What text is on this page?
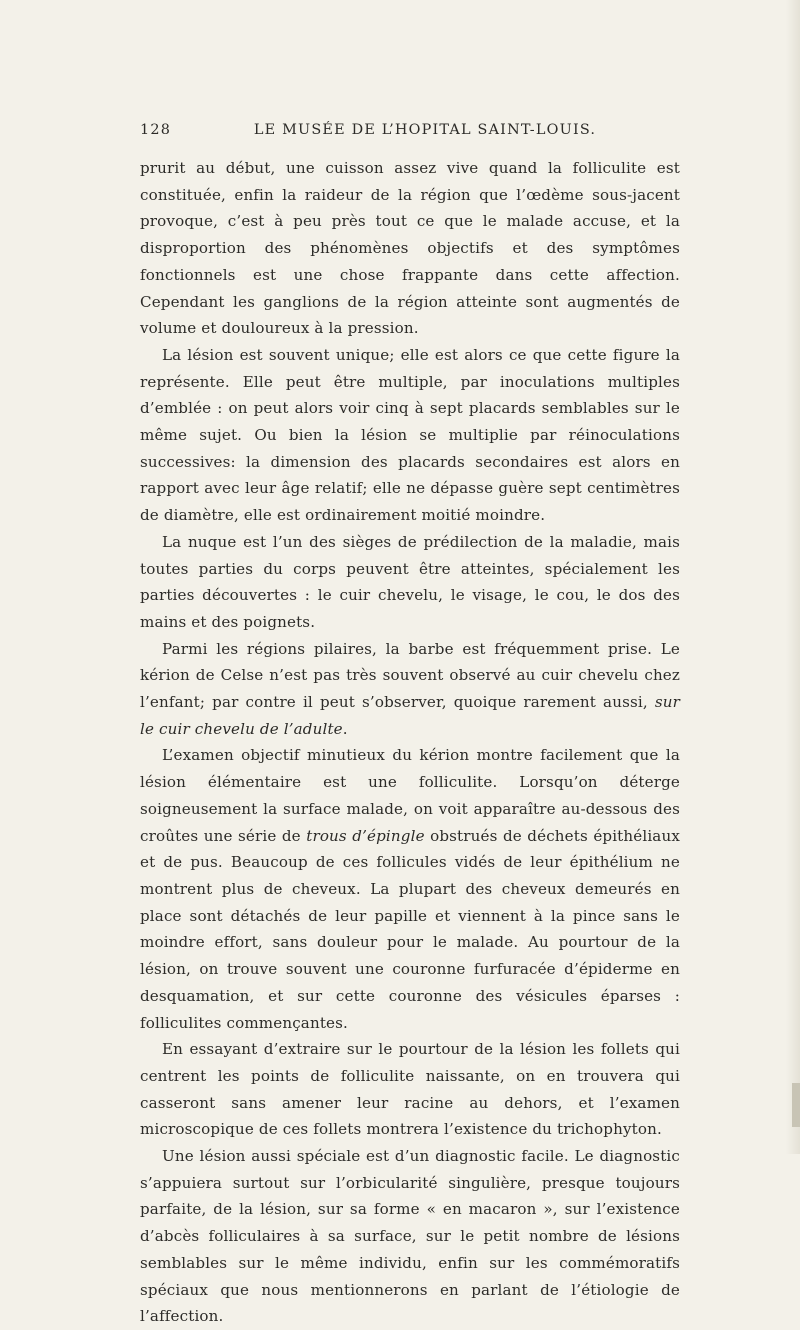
128	LE MUSÉE DE L’HOPITAL SAINT-LOUIS.

prurit au début, une cuisson assez vive quand la folliculite est constituée, enfin la raideur de la région que l’œdème sous-jacent provoque, c’est à peu près tout ce que le malade accuse, et la disproportion des phénomènes objectifs et des symptômes fonctionnels est une chose frappante dans cette affection. Cependant les ganglions de la région atteinte sont augmentés de volume et douloureux à la pression.

La lésion est souvent unique; elle est alors ce que cette figure la représente. Elle peut être multiple, par inoculations multiples d’emblée : on peut alors voir cinq à sept placards semblables sur le même sujet. Ou bien la lésion se multiplie par réinoculations successives: la dimension des placards secondaires est alors en rapport avec leur âge relatif; elle ne dépasse guère sept centimètres de diamètre, elle est ordinairement moitié moindre.

La nuque est l’un des sièges de prédilection de la maladie, mais toutes parties du corps peuvent être atteintes, spécialement les parties découvertes : le cuir chevelu, le visage, le cou, le dos des mains et des poignets.

Parmi les régions pilaires, la barbe est fréquemment prise. Le kérion de Celse n’est pas très souvent observé au cuir chevelu chez l’enfant; par contre il peut s’observer, quoique rarement aussi, sur le cuir chevelu de l’adulte.

L’examen objectif minutieux du kérion montre facilement que la lésion élémentaire est une folliculite. Lorsqu’on déterge soigneusement la surface malade, on voit apparaître au-dessous des croûtes une série de trous d’épingle obstrués de déchets épithéliaux et de pus. Beaucoup de ces follicules vidés de leur épithélium ne montrent plus de cheveux. La plupart des cheveux demeurés en place sont détachés de leur papille et viennent à la pince sans le moindre effort, sans douleur pour le malade. Au pourtour de la lésion, on trouve souvent une couronne furfuracée d’épiderme en desquamation, et sur cette couronne des vésicules éparses : folliculites commençantes.

En essayant d’extraire sur le pourtour de la lésion les follets qui centrent les points de folliculite naissante, on en trouvera qui casseront sans amener leur racine au dehors, et l’examen microscopique de ces follets montrera l’existence du trichophyton.

Une lésion aussi spéciale est d’un diagnostic facile. Le diagnostic s’appuiera surtout sur l’orbicularité singulière, presque toujours parfaite, de la lésion, sur sa forme « en macaron », sur l’existence d’abcès folliculaires à sa surface, sur le petit nombre de lésions semblables sur le même individu, enfin sur les commémoratifs spéciaux que nous mentionnerons en parlant de l’étiologie de l’affection.
